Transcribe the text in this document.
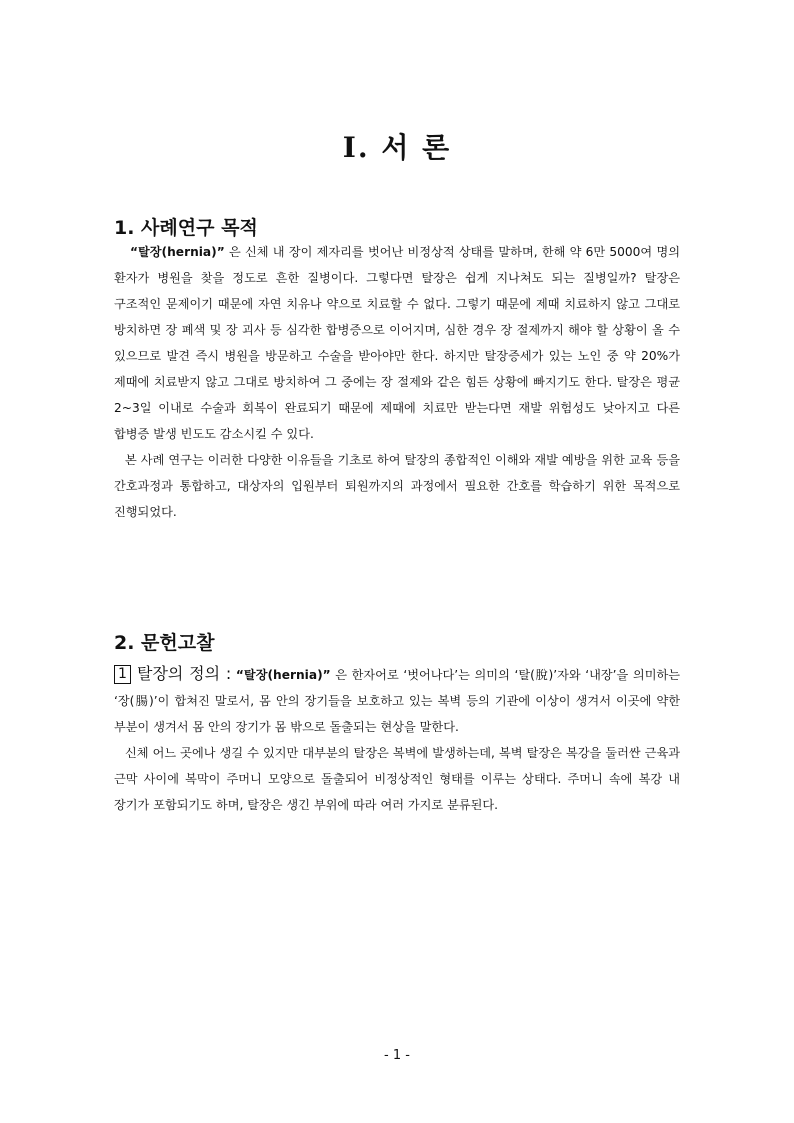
I. 서 론
1. 사례연구 목적

“탈장(hernia)” 은 신체 내 장이 제자리를 벗어난 비정상적 상태를 말하며, 한해 약 6만 5000여 명의 환자가 병원을 찾을 정도로 흔한 질병이다. 그렇다면 탈장은 쉽게 지나쳐도 되는 질병일까? 탈장은 구조적인 문제이기 때문에 자연 치유나 약으로 치료할 수 없다. 그렇기 때문에 제때 치료하지 않고 그대로 방치하면 장 폐색 및 장 괴사 등 심각한 합병증으로 이어지며, 심한 경우 장 절제까지 해야 할 상황이 올 수 있으므로 발견 즉시 병원을 방문하고 수술을 받아야만 한다. 하지만 탈장증세가 있는 노인 중 약 20%가 제때에 치료받지 않고 그대로 방치하여 그 중에는 장 절제와 같은 힘든 상황에 빠지기도 한다. 탈장은 평균 2~3일 이내로 수술과 회복이 완료되기 때문에 제때에 치료만 받는다면 재발 위험성도 낮아지고 다른 합병증 발생 빈도도 감소시킬 수 있다.

본 사례 연구는 이러한 다양한 이유들을 기초로 하여 탈장의 종합적인 이해와 재발 예방을 위한 교육 등을 간호과정과 통합하고, 대상자의 입원부터 퇴원까지의 과정에서 필요한 간호를 학습하기 위한 목적으로 진행되었다.

2. 문헌고찰

1 탈장의 정의 : “탈장(hernia)” 은 한자어로 ‘벗어나다’는 의미의 ‘탈(脫)’자와 ‘내장’을 의미하는 ‘장(腸)’이 합쳐진 말로서, 몸 안의 장기들을 보호하고 있는 복벽 등의 기관에 이상이 생겨서 이곳에 약한 부분이 생겨서 몸 안의 장기가 몸 밖으로 돌출되는 현상을 말한다.

신체 어느 곳에나 생길 수 있지만 대부분의 탈장은 복벽에 발생하는데, 복벽 탈장은 복강을 둘러싼 근육과 근막 사이에 복막이 주머니 모양으로 돌출되어 비정상적인 형태를 이루는 상태다. 주머니 속에 복강 내 장기가 포함되기도 하며, 탈장은 생긴 부위에 따라 여러 가지로 분류된다.

- 1 -
